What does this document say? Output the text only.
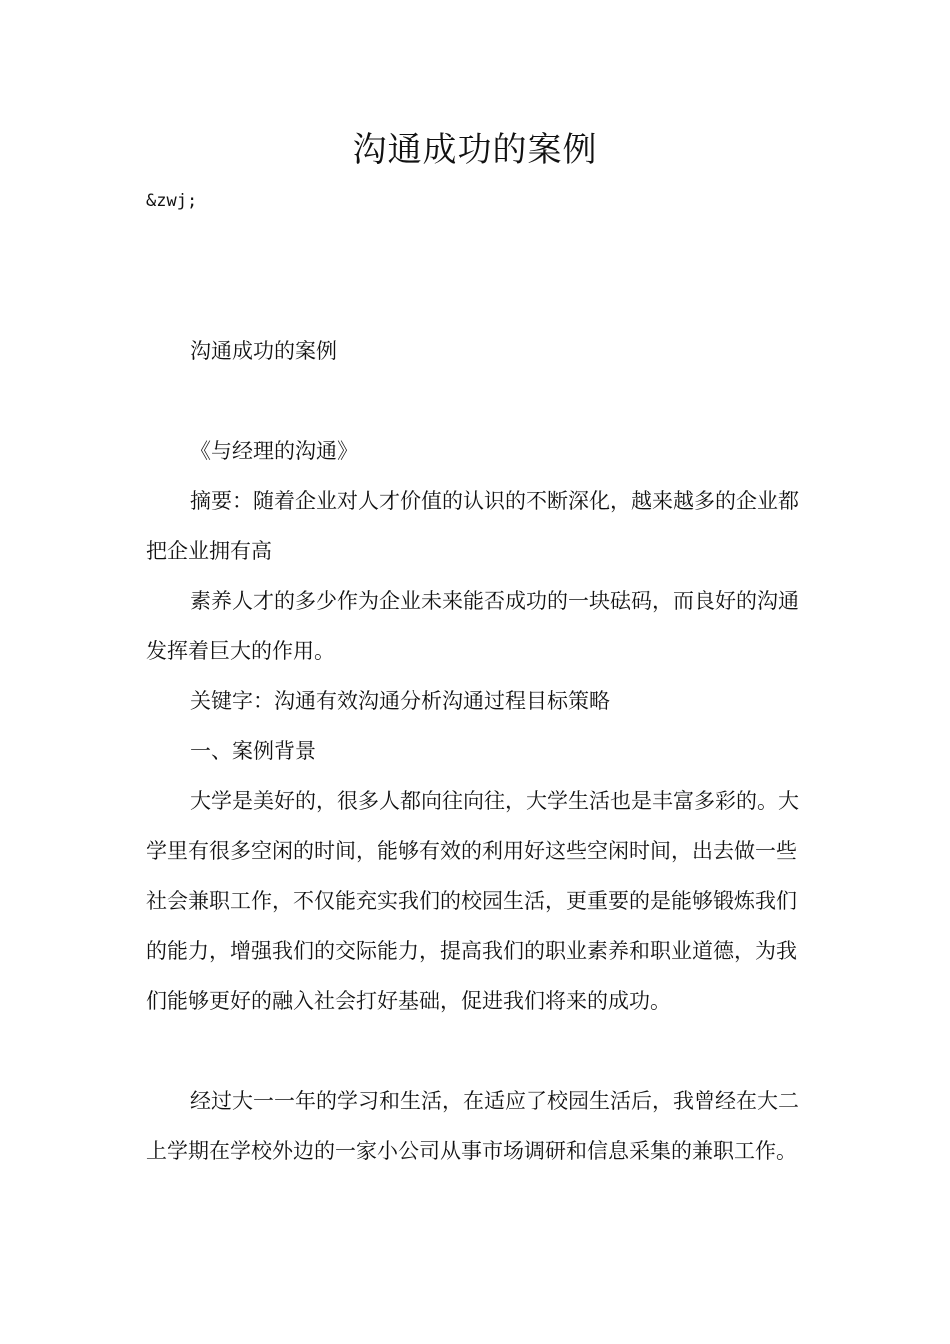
沟通成功的案例

&zwj;

沟通成功的案例

《与经理的沟通》

摘要：随着企业对人才价值的认识的不断深化，越来越多的企业都把企业拥有高

素养人才的多少作为企业未来能否成功的一块砝码，而良好的沟通发挥着巨大的作用。

关键字：沟通有效沟通分析沟通过程目标策略

一、案例背景

大学是美好的，很多人都向往向往，大学生活也是丰富多彩的。大学里有很多空闲的时间，能够有效的利用好这些空闲时间，出去做一些社会兼职工作，不仅能充实我们的校园生活，更重要的是能够锻炼我们的能力，增强我们的交际能力，提高我们的职业素养和职业道德，为我们能够更好的融入社会打好基础，促进我们将来的成功。

经过大一一年的学习和生活，在适应了校园生活后，我曾经在大二上学期在学校外边的一家小公司从事市场调研和信息采集的兼职工作。
